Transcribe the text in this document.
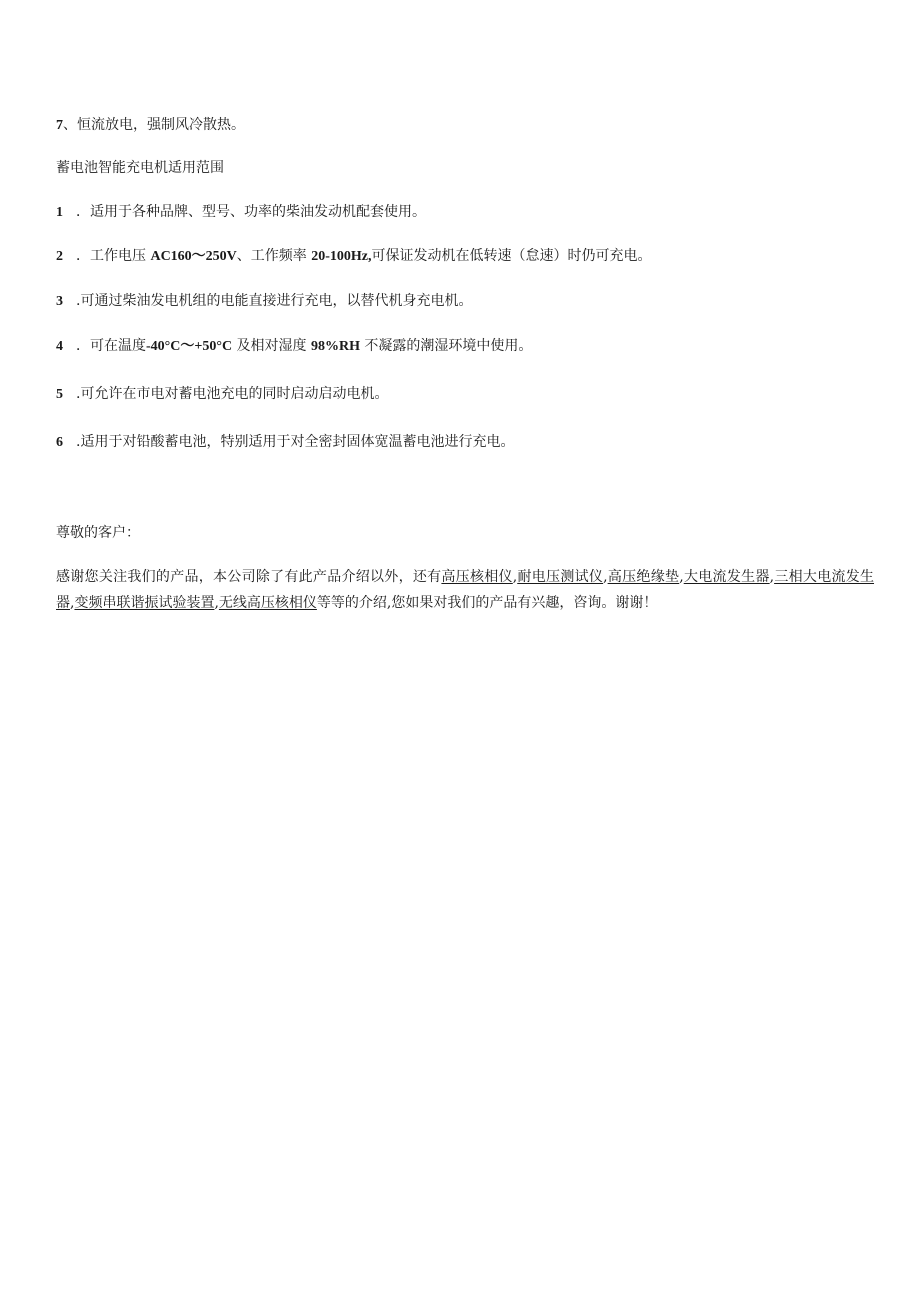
7、恒流放电，强制风冷散热。
蓄电池智能充电机适用范围
1 ．适用于各种品牌、型号、功率的柴油发动机配套使用。
2 ．工作电压 AC160～250V、工作频率 20-100Hz,可保证发动机在低转速（怠速）时仍可充电。
3 .可通过柴油发电机组的电能直接进行充电，以替代机身充电机。
4 ．可在温度-40°C～+50°C 及相对湿度 98%RH 不凝露的潮湿环境中使用。
5 .可允许在市电对蓄电池充电的同时启动启动电机。
6 .适用于对铅酸蓄电池，特别适用于对全密封固体宽温蓄电池进行充电。
尊敬的客户：
感谢您关注我们的产品，本公司除了有此产品介绍以外，还有高压核相仪,耐电压测试仪,高压绝缘垫,大电流发生器,三相大电流发生器,变频串联谐振试验装置,无线高压核相仪等等的介绍,您如果对我们的产品有兴趣，咨询。谢谢！
